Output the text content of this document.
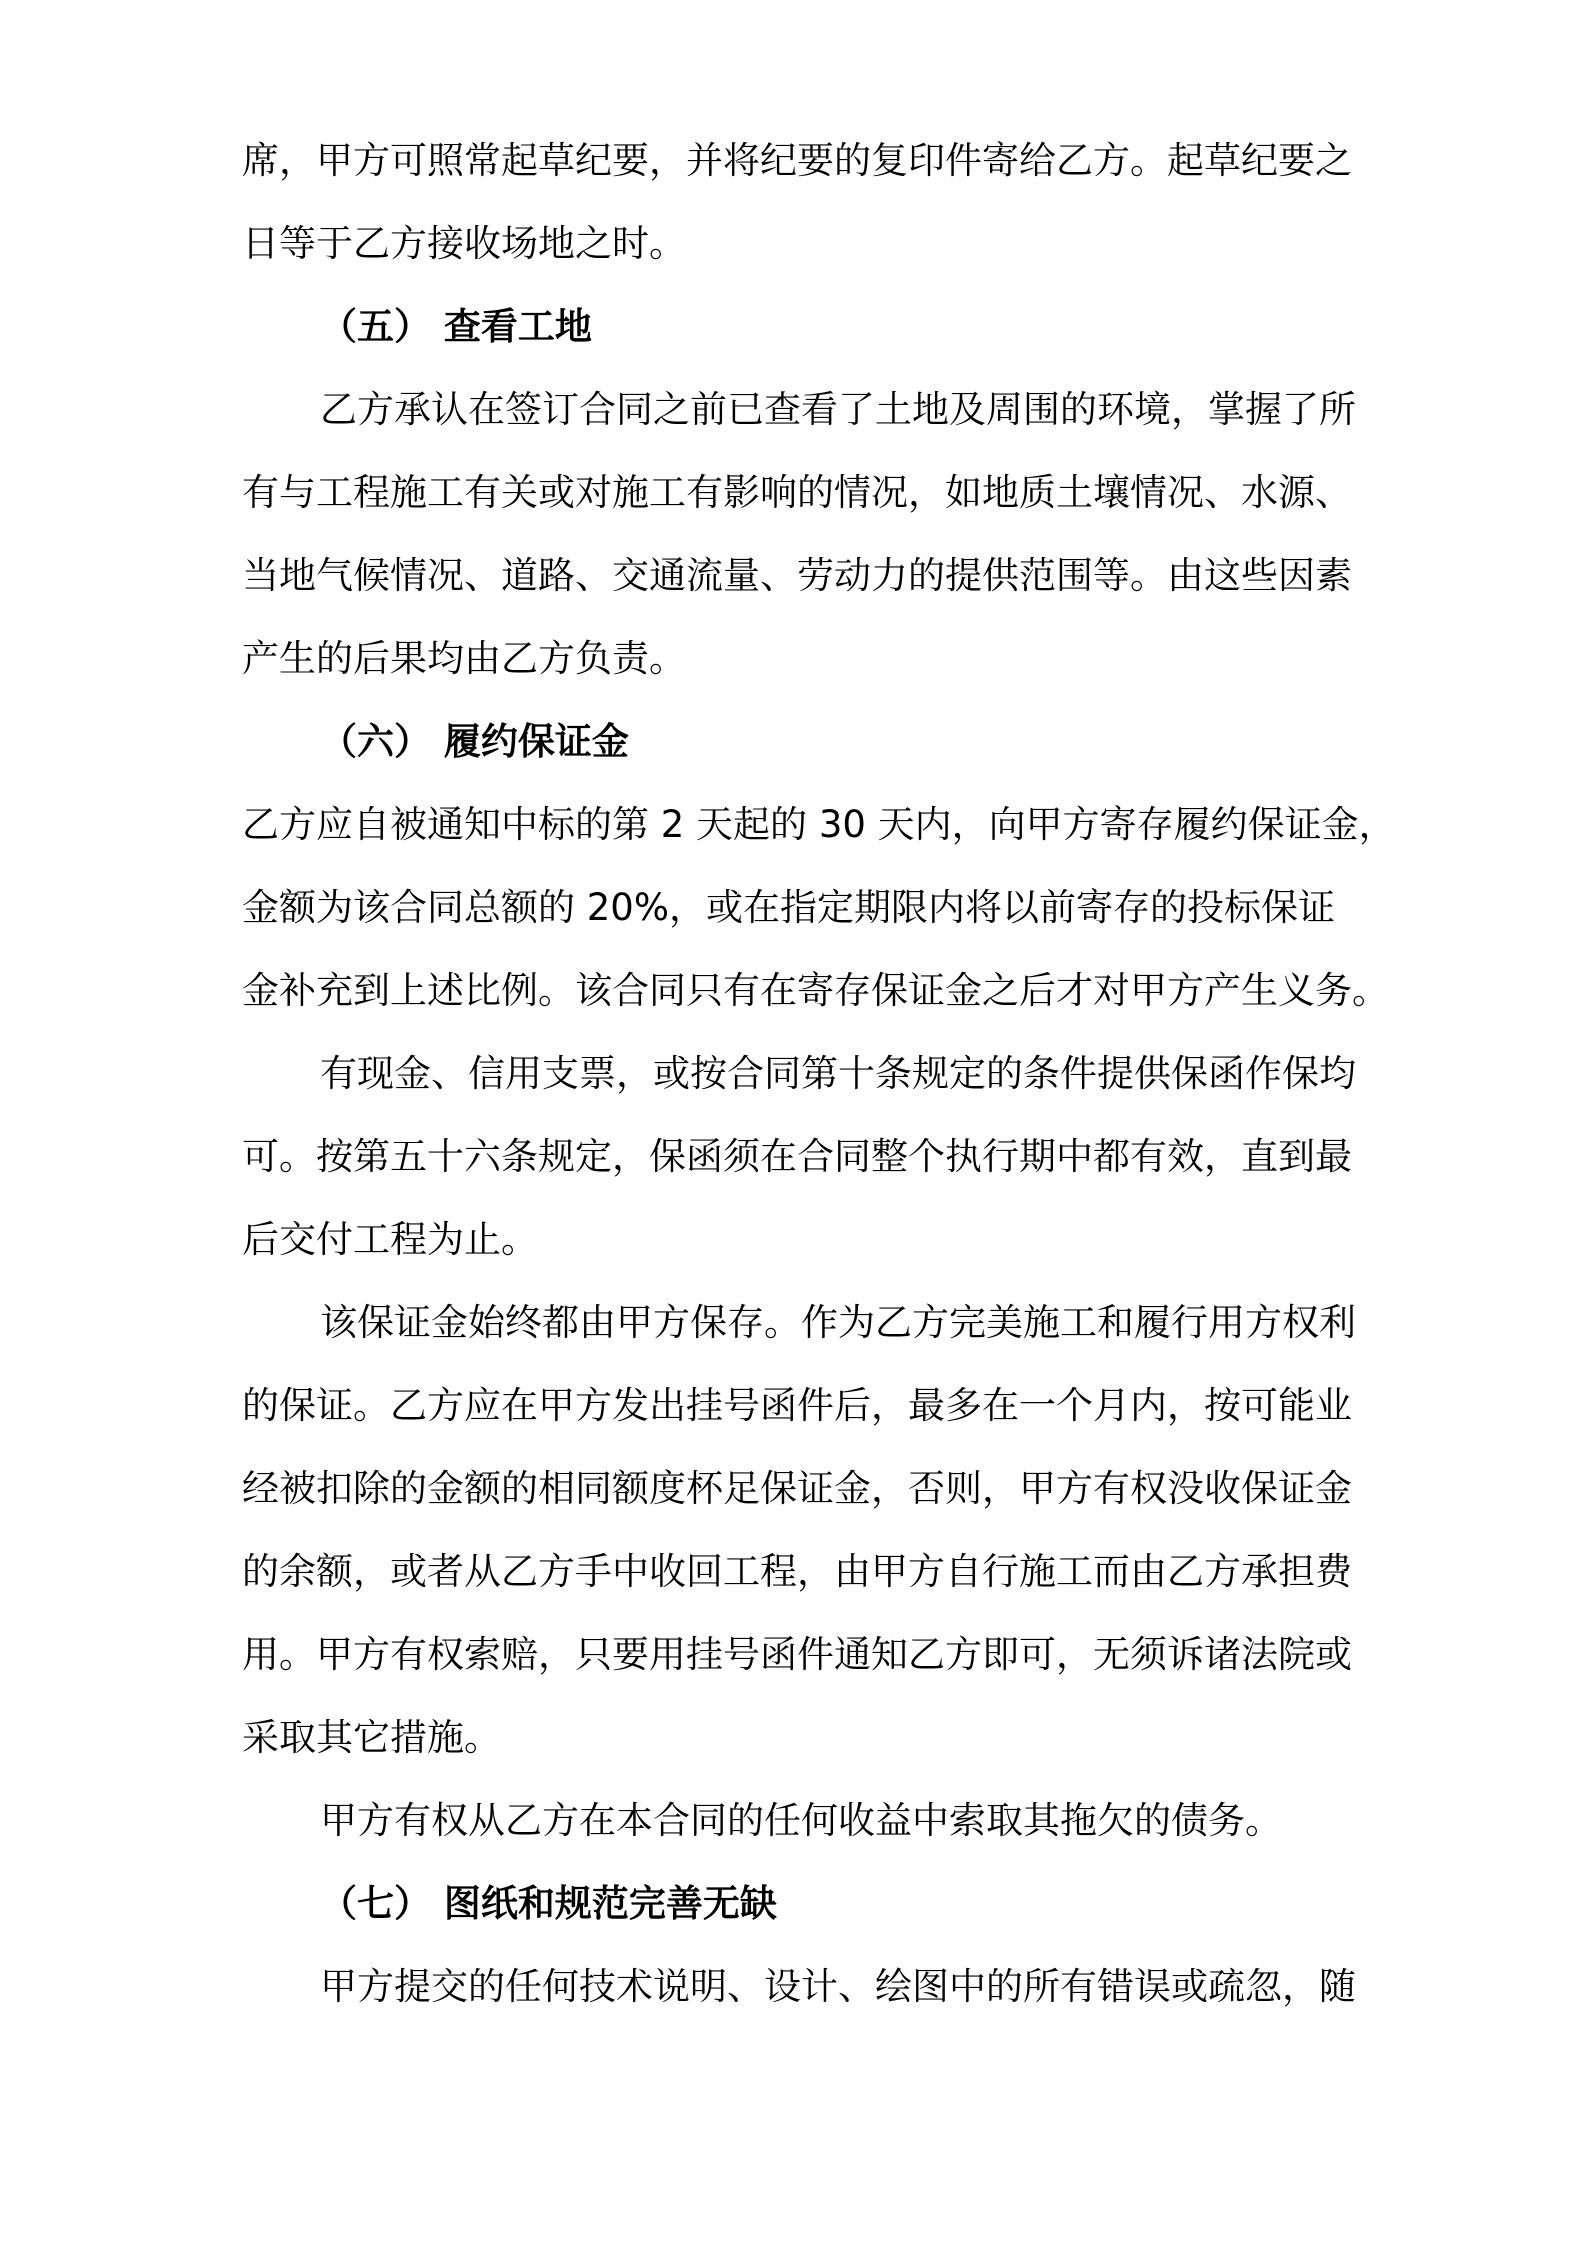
席，甲方可照常起草纪要，并将纪要的复印件寄给乙方。起草纪要之
日等于乙方接收场地之时。
（五） 查看工地
乙方承认在签订合同之前已查看了土地及周围的环境，掌握了所
有与工程施工有关或对施工有影响的情况，如地质土壤情况、水源、
当地气候情况、道路、交通流量、劳动力的提供范围等。由这些因素
产生的后果均由乙方负责。
（六） 履约保证金
乙方应自被通知中标的第 2 天起的 30 天内，向甲方寄存履约保证金，
金额为该合同总额的 20%，或在指定期限内将以前寄存的投标保证
金补充到上述比例。该合同只有在寄存保证金之后才对甲方产生义务。
有现金、信用支票，或按合同第十条规定的条件提供保函作保均
可。按第五十六条规定，保函须在合同整个执行期中都有效，直到最
后交付工程为止。
该保证金始终都由甲方保存。作为乙方完美施工和履行用方权利
的保证。乙方应在甲方发出挂号函件后，最多在一个月内，按可能业
经被扣除的金额的相同额度杯足保证金，否则，甲方有权没收保证金
的余额，或者从乙方手中收回工程，由甲方自行施工而由乙方承担费
用。甲方有权索赔，只要用挂号函件通知乙方即可，无须诉诸法院或
采取其它措施。
甲方有权从乙方在本合同的任何收益中索取其拖欠的债务。
（七） 图纸和规范完善无缺
甲方提交的任何技术说明、设计、绘图中的所有错误或疏忽，随
